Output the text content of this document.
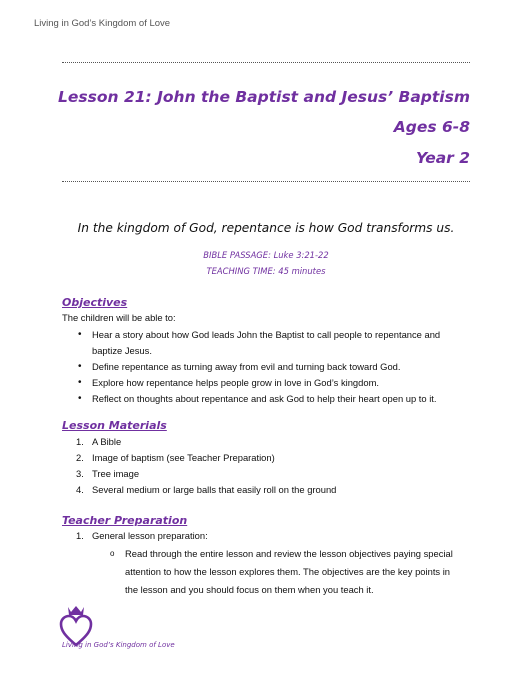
Living in God’s Kingdom of Love
Lesson 21: John the Baptist and Jesus’ Baptism
Ages 6-8
Year 2
In the kingdom of God, repentance is how God transforms us.
BIBLE PASSAGE: Luke 3:21-22
TEACHING TIME: 45 minutes
Objectives
The children will be able to:
• Hear a story about how God leads John the Baptist to call people to repentance and
baptize Jesus.
• Define repentance as turning away from evil and turning back toward God.
• Explore how repentance helps people grow in love in God’s kingdom.
• Reflect on thoughts about repentance and ask God to help their heart open up to it.
Lesson Materials
1. A Bible
2. Image of baptism (see Teacher Preparation)
3. Tree image
4. Several medium or large balls that easily roll on the ground
Teacher Preparation
1. General lesson preparation:
o Read through the entire lesson and review the lesson objectives paying special
attention to how the lesson explores them. The objectives are the key points in
the lesson and you should focus on them when you teach it.
Living in God’s Kingdom of Love
